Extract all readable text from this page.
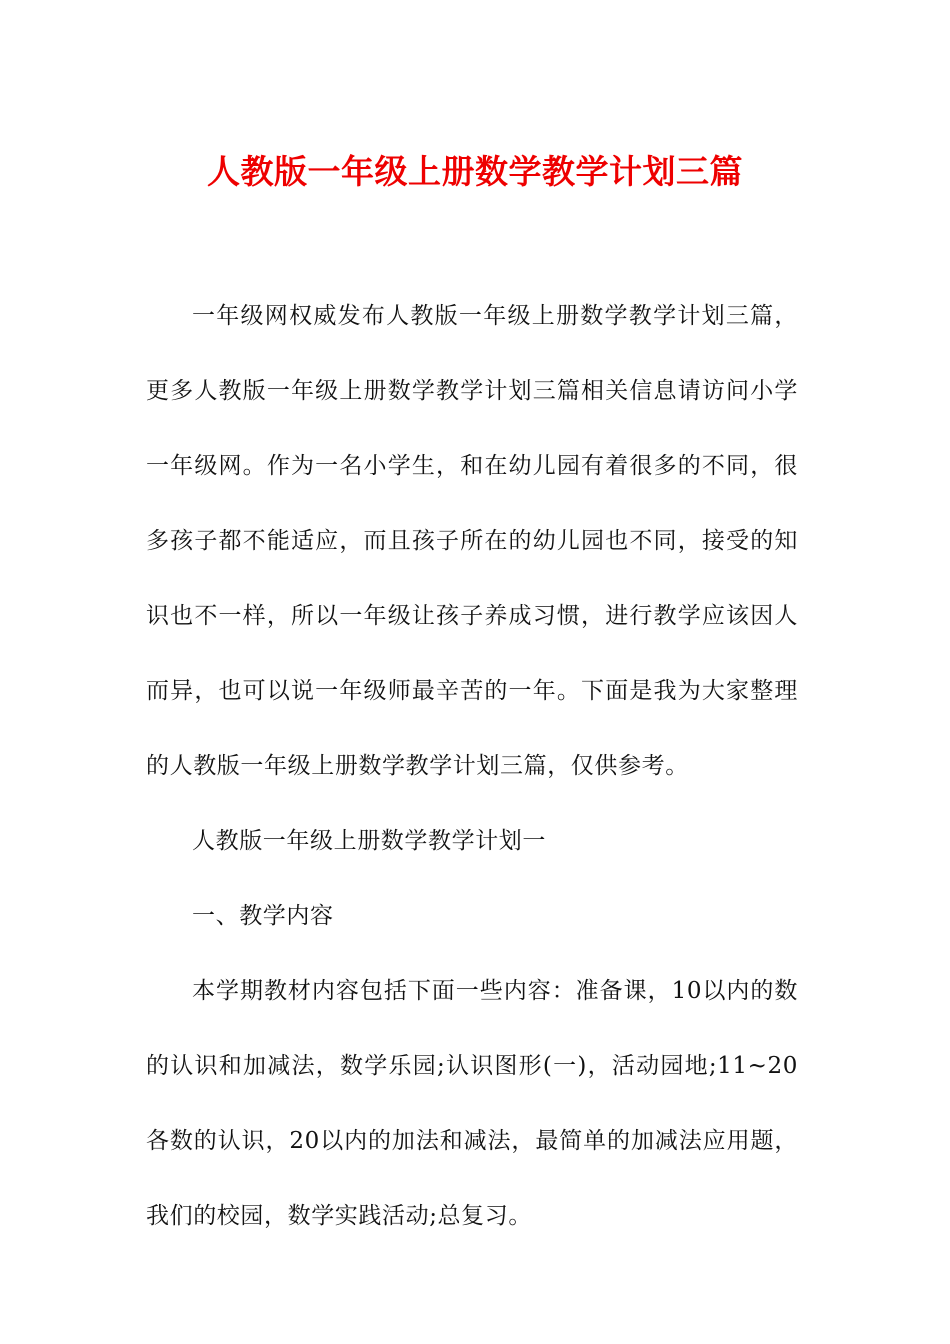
人教版一年级上册数学教学计划三篇

一年级网权威发布人教版一年级上册数学教学计划三篇，更多人教版一年级上册数学教学计划三篇相关信息请访问小学一年级网。作为一名小学生，和在幼儿园有着很多的不同，很多孩子都不能适应，而且孩子所在的幼儿园也不同，接受的知识也不一样，所以一年级让孩子养成习惯，进行教学应该因人而异，也可以说一年级师最辛苦的一年。下面是我为大家整理的人教版一年级上册数学教学计划三篇，仅供参考。

人教版一年级上册数学教学计划一

一、教学内容

本学期教材内容包括下面一些内容：准备课，10以内的数的认识和加减法，数学乐园;认识图形(一)，活动园地;11~20各数的认识，20以内的加法和减法，最简单的加减法应用题，我们的校园，数学实践活动;总复习。
